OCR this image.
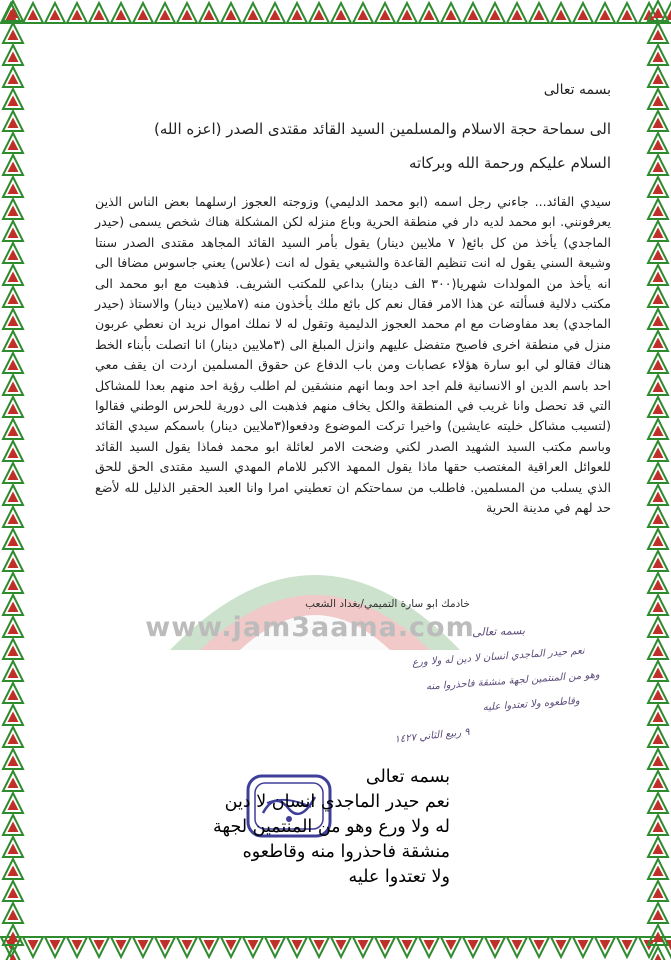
www.jam3aama.com
بسمه تعالى
الى سماحة حجة الاسلام والمسلمين السيد القائد مقتدى الصدر (اعزه الله)
السلام عليكم ورحمة الله وبركاته
سيدي القائد... جاءني رجل اسمه (ابو محمد الدليمي) وزوجته العجوز ارسلهما بعض الناس الذين يعرفونني. ابو محمد لديه دار في منطقة الحرية وباع منزله لكن المشكلة هناك شخص يسمى (حيدر الماجدي) يأخذ من كل بائع( ٧ ملايين دينار) يقول بأمر السيد القائد المجاهد مقتدى الصدر سنتا وشيعة السني يقول له انت تنظيم القاعدة والشيعي يقول له انت (علاس) يعني جاسوس مضافا الى انه يأخذ من المولدات شهريا(٣٠٠ الف دينار) بداعي للمكتب الشريف. فذهبت مع ابو محمد الى مكتب دلالية فسألته عن هذا الامر فقال نعم كل بائع ملك يأخذون منه (٧ملايين دينار) والاستاذ (حيدر الماجدي) بعد مفاوضات مع ام محمد العجوز الدليمية وتقول له لا نملك اموال نريد ان نعطي عربون منزل في منطقة اخرى فاصبح متفضل عليهم وانزل المبلغ الى (٣ملايين دينار) انا اتصلت بأبناء الخط هناك فقالو لي ابو سارة هؤلاء عصابات ومن باب الدفاع عن حقوق المسلمين اردت ان يقف معي احد باسم الدين او الانسانية فلم اجد احد وبما انهم منشقين لم اطلب رؤية احد منهم بعدا للمشاكل التي قد تحصل وانا غريب في المنطقة والكل يخاف منهم فذهبت الى دورية للحرس الوطني فقالوا (لتسيب مشاكل خليته عايشين) واخيرا تركت الموضوع ودفعوا(٣ملايين دينار) باسمكم سيدي القائد وباسم مكتب السيد الشهيد الصدر لكني وضحت الامر لعائلة ابو محمد فماذا يقول السيد القائد للعوائل العراقية المغتصب حقها ماذا يقول الممهد الاكبر للامام المهدي السيد مقتدى الحق للحق الذي يسلب من المسلمين. فاطلب من سماحتكم ان تعطيني امرا وانا العبد الحقير الذليل لله لأضع حد لهم في مدينة الحرية
خادمك ابو سارة التميمي/بغداد الشعب
بسمه تعالى
نعم حيدر الماجدي انسان لا دين له ولا ورع
وهو من المنتمين لجهة منشقة فاحذروا منه
وقاطعوه ولا تعتدوا عليه
٩ ربيع الثاني ١٤٢٧
بسمه تعالى
نعم حيدر الماجدي انسان لا دين
له ولا ورع وهو من المنتمين لجهة
منشقة فاحذروا منه وقاطعوه
ولا تعتدوا عليه
